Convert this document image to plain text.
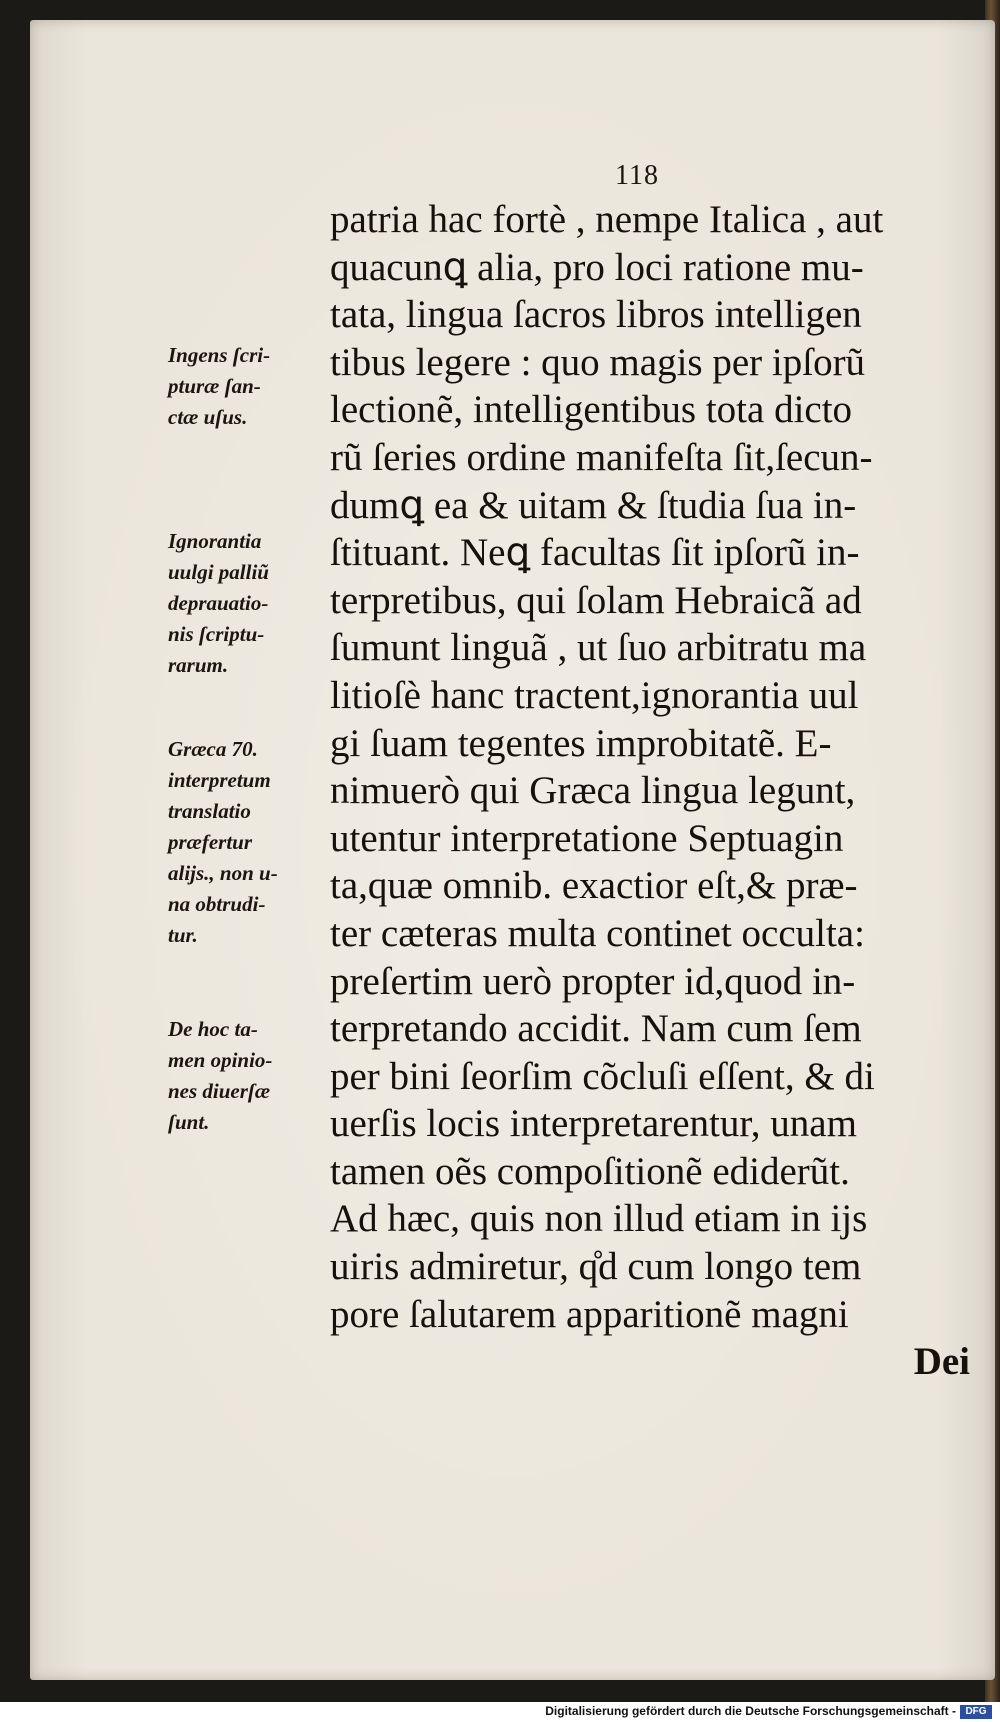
118
patria hac fortè , nempe Italica , aut
quacunꝗ alia, pro loci ratione mu-
tata, lingua ſacros libros intelligen
tibus legere : quo magis per ipſorũ
lectionẽ, intelligentibus tota dicto
rũ ſeries ordine manifeſta ſit,ſecun-
dumꝗ ea & uitam & ſtudia ſua in-
ſtituant. Neꝗ facultas ſit ipſorũ in-
terpretibus, qui ſolam Hebraicã ad
ſumunt linguã , ut ſuo arbitratu ma
litioſè hanc tractent,ignorantia uul
gi ſuam tegentes improbitatẽ. E-
nimuerò qui Græca lingua legunt,
utentur interpretatione Septuagin
ta,quæ omnib. exactior eſt,& præ-
ter cæteras multa continet occulta:
preſertim uerò propter id,quod in-
terpretando accidit. Nam cum ſem
per bini ſeorſim cõcluſi eſſent, & di
uerſis locis interpretarentur, unam
tamen oẽs compoſitionẽ ediderũt.
Ad hæc, quis non illud etiam in ijs
uiris admiretur, q̊d cum longo tem
pore ſalutarem apparitionẽ magni
Dei
Ingens ſcri-
pturæ ſan-
ctæ uſus.
Ignorantia
uulgi palliũ
deprauatio-
nis ſcriptu-
rarum.
Græca 70.
interpretum
translatio
præfertur
alijs., non u-
na obtrudi-
tur.
De hoc ta-
men opinio-
nes diuerſæ
ſunt.
Digitalisierung gefördert durch die Deutsche Forschungsgemeinschaft - DFG
